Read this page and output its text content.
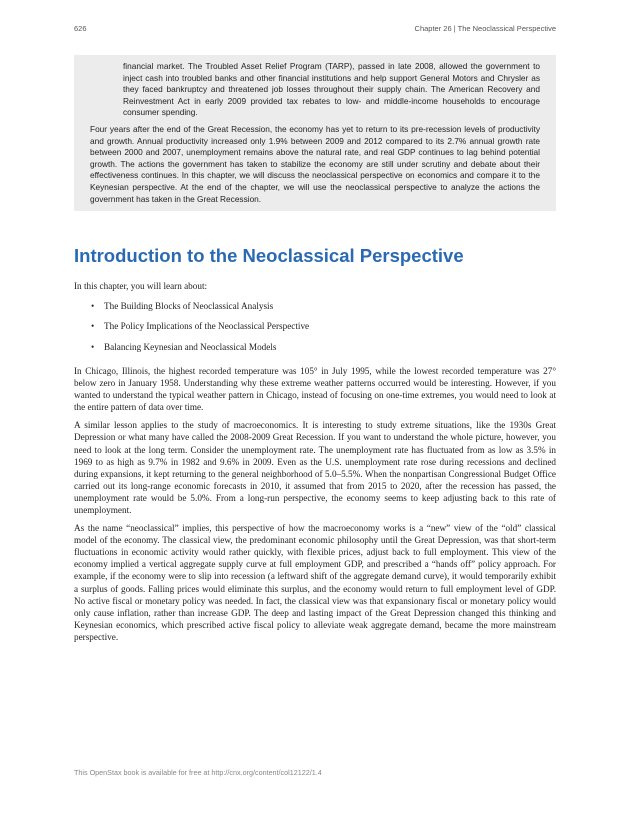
626	Chapter 26 | The Neoclassical Perspective

financial market. The Troubled Asset Relief Program (TARP), passed in late 2008, allowed the government to inject cash into troubled banks and other financial institutions and help support General Motors and Chrysler as they faced bankruptcy and threatened job losses throughout their supply chain. The American Recovery and Reinvestment Act in early 2009 provided tax rebates to low- and middle-income households to encourage consumer spending.

Four years after the end of the Great Recession, the economy has yet to return to its pre-recession levels of productivity and growth. Annual productivity increased only 1.9% between 2009 and 2012 compared to its 2.7% annual growth rate between 2000 and 2007, unemployment remains above the natural rate, and real GDP continues to lag behind potential growth. The actions the government has taken to stabilize the economy are still under scrutiny and debate about their effectiveness continues. In this chapter, we will discuss the neoclassical perspective on economics and compare it to the Keynesian perspective. At the end of the chapter, we will use the neoclassical perspective to analyze the actions the government has taken in the Great Recession.

Introduction to the Neoclassical Perspective

In this chapter, you will learn about:

• The Building Blocks of Neoclassical Analysis
• The Policy Implications of the Neoclassical Perspective
• Balancing Keynesian and Neoclassical Models

In Chicago, Illinois, the highest recorded temperature was 105° in July 1995, while the lowest recorded temperature was 27° below zero in January 1958. Understanding why these extreme weather patterns occurred would be interesting. However, if you wanted to understand the typical weather pattern in Chicago, instead of focusing on one-time extremes, you would need to look at the entire pattern of data over time.

A similar lesson applies to the study of macroeconomics. It is interesting to study extreme situations, like the 1930s Great Depression or what many have called the 2008-2009 Great Recession. If you want to understand the whole picture, however, you need to look at the long term. Consider the unemployment rate. The unemployment rate has fluctuated from as low as 3.5% in 1969 to as high as 9.7% in 1982 and 9.6% in 2009. Even as the U.S. unemployment rate rose during recessions and declined during expansions, it kept returning to the general neighborhood of 5.0–5.5%. When the nonpartisan Congressional Budget Office carried out its long-range economic forecasts in 2010, it assumed that from 2015 to 2020, after the recession has passed, the unemployment rate would be 5.0%. From a long-run perspective, the economy seems to keep adjusting back to this rate of unemployment.

As the name “neoclassical” implies, this perspective of how the macroeconomy works is a “new” view of the “old” classical model of the economy. The classical view, the predominant economic philosophy until the Great Depression, was that short-term fluctuations in economic activity would rather quickly, with flexible prices, adjust back to full employment. This view of the economy implied a vertical aggregate supply curve at full employment GDP, and prescribed a “hands off” policy approach. For example, if the economy were to slip into recession (a leftward shift of the aggregate demand curve), it would temporarily exhibit a surplus of goods. Falling prices would eliminate this surplus, and the economy would return to full employment level of GDP. No active fiscal or monetary policy was needed. In fact, the classical view was that expansionary fiscal or monetary policy would only cause inflation, rather than increase GDP. The deep and lasting impact of the Great Depression changed this thinking and Keynesian economics, which prescribed active fiscal policy to alleviate weak aggregate demand, became the more mainstream perspective.

This OpenStax book is available for free at http://cnx.org/content/col12122/1.4
